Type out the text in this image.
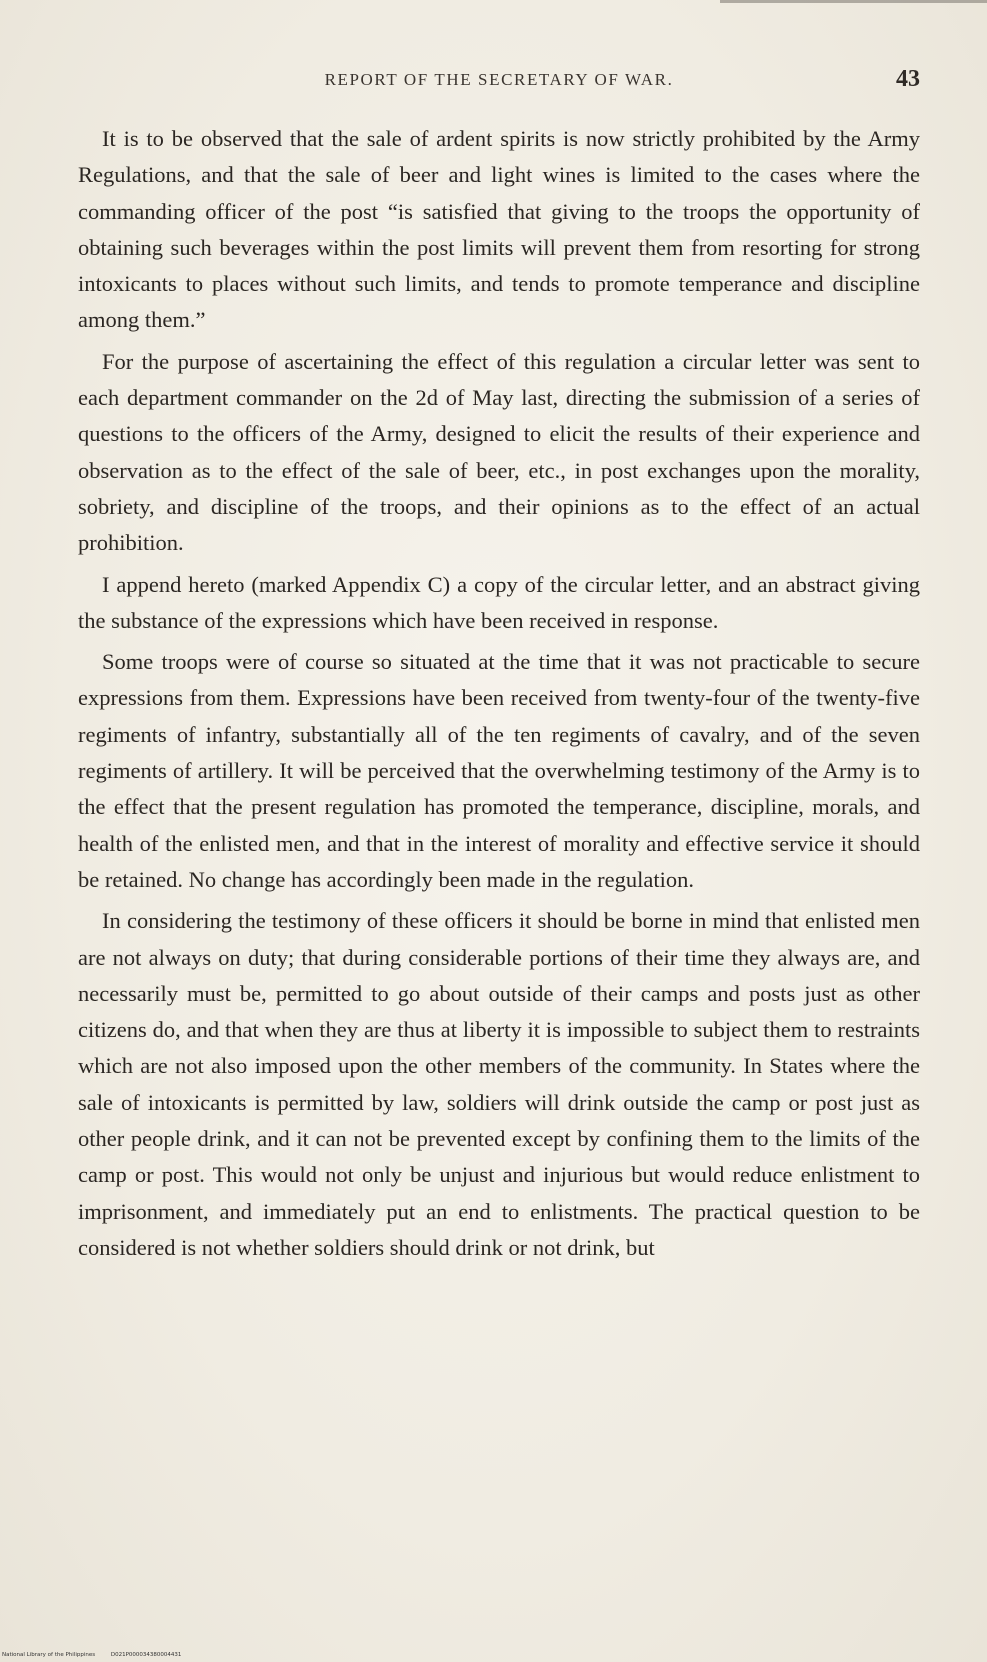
REPORT OF THE SECRETARY OF WAR.	43

It is to be observed that the sale of ardent spirits is now strictly prohibited by the Army Regulations, and that the sale of beer and light wines is limited to the cases where the commanding officer of the post “is satisfied that giving to the troops the opportunity of obtaining such beverages within the post limits will prevent them from resorting for strong intoxicants to places without such limits, and tends to promote temperance and discipline among them.”

For the purpose of ascertaining the effect of this regulation a circular letter was sent to each department commander on the 2d of May last, directing the submission of a series of questions to the officers of the Army, designed to elicit the results of their experience and observation as to the effect of the sale of beer, etc., in post exchanges upon the morality, sobriety, and discipline of the troops, and their opinions as to the effect of an actual prohibition.

I append hereto (marked Appendix C) a copy of the circular letter, and an abstract giving the substance of the expressions which have been received in response.

Some troops were of course so situated at the time that it was not practicable to secure expressions from them. Expressions have been received from twenty-four of the twenty-five regiments of infantry, substantially all of the ten regiments of cavalry, and of the seven regiments of artillery. It will be perceived that the overwhelming testimony of the Army is to the effect that the present regulation has promoted the temperance, discipline, morals, and health of the enlisted men, and that in the interest of morality and effective service it should be retained. No change has accordingly been made in the regulation.

In considering the testimony of these officers it should be borne in mind that enlisted men are not always on duty; that during considerable portions of their time they always are, and necessarily must be, permitted to go about outside of their camps and posts just as other citizens do, and that when they are thus at liberty it is impossible to subject them to restraints which are not also imposed upon the other members of the community. In States where the sale of intoxicants is permitted by law, soldiers will drink outside the camp or post just as other people drink, and it can not be prevented except by confining them to the limits of the camp or post. This would not only be unjust and injurious but would reduce enlistment to imprisonment, and immediately put an end to enlistments. The practical question to be considered is not whether soldiers should drink or not drink, but

National Library of the Philippines	D021P000034380004431
